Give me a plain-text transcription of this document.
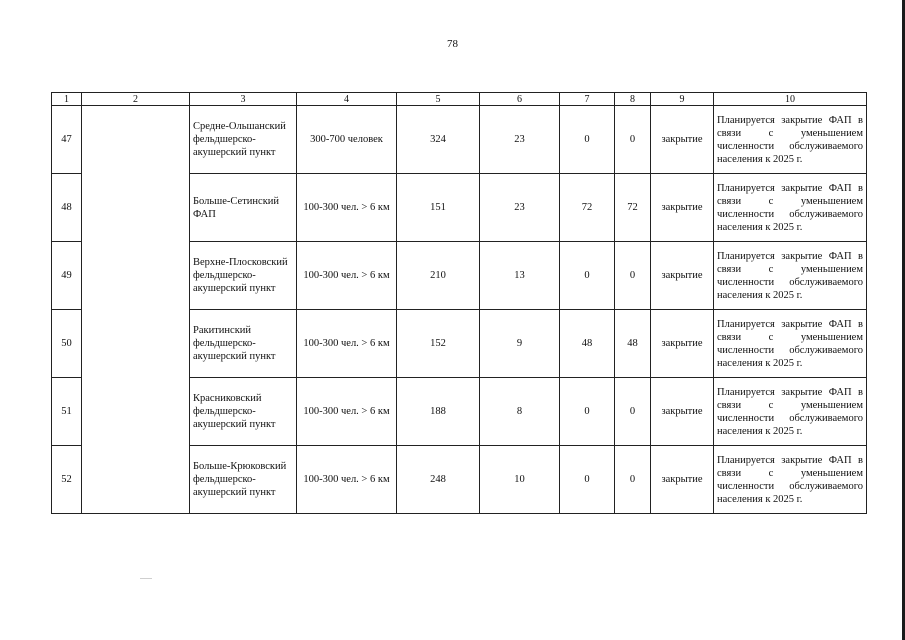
78
1	2	3	4	5	6	7	8	9	10
47		Средне-Ольшанский фельдшерско-акушерский пункт	300-700 человек	324	23	0	0	закрытие	Планируется закрытие ФАП в связи с уменьшением численности обслуживаемого населения к 2025 г.
48		Больше-Сетинский ФАП	100-300 чел. > 6 км	151	23	72	72	закрытие	Планируется закрытие ФАП в связи с уменьшением численности обслуживаемого населения к 2025 г.
49		Верхне-Плосковский фельдшерско-акушерский пункт	100-300 чел. > 6 км	210	13	0	0	закрытие	Планируется закрытие ФАП в связи с уменьшением численности обслуживаемого населения к 2025 г.
50		Ракитинский фельдшерско-акушерский пункт	100-300 чел. > 6 км	152	9	48	48	закрытие	Планируется закрытие ФАП в связи с уменьшением численности обслуживаемого населения к 2025 г.
51		Красниковский фельдшерско-акушерский пункт	100-300 чел. > 6 км	188	8	0	0	закрытие	Планируется закрытие ФАП в связи с уменьшением численности обслуживаемого населения к 2025 г.
52		Больше-Крюковский фельдшерско-акушерский пункт	100-300 чел. > 6 км	248	10	0	0	закрытие	Планируется закрытие ФАП в связи с уменьшением численности обслуживаемого населения к 2025 г.
